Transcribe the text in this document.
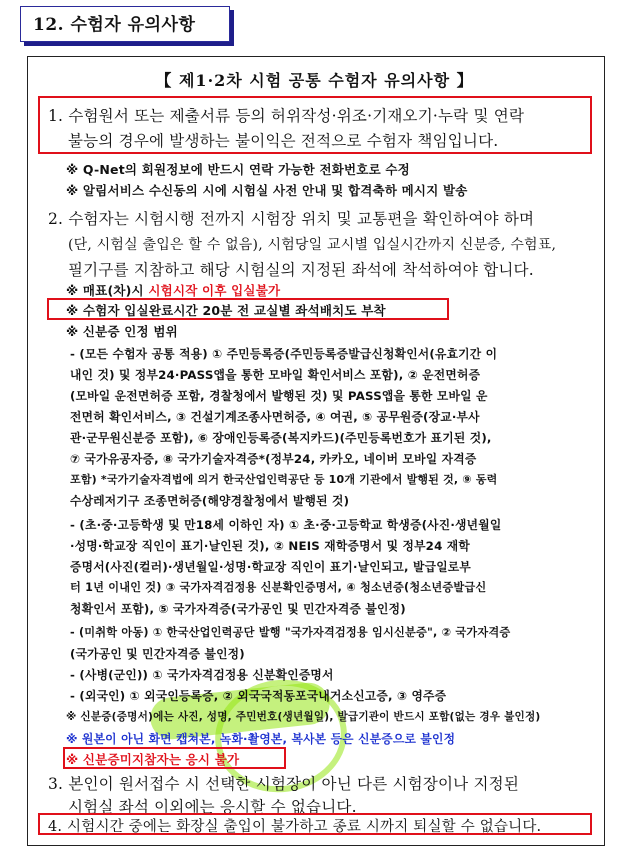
12. 수험자 유의사항
【 제1·2차 시험 공통 수험자 유의사항 】
1. 수험원서 또는 제출서류 등의 허위작성·위조·기재오기·누락 및 연락
불능의 경우에 발생하는 불이익은 전적으로 수험자 책임입니다.
※ Q-Net의 회원정보에 반드시 연락 가능한 전화번호로 수정
※ 알림서비스 수신동의 시에 시험실 사전 안내 및 합격축하 메시지 발송
2. 수험자는 시험시행 전까지 시험장 위치 및 교통편을 확인하여야 하며
(단, 시험실 출입은 할 수 없음), 시험당일 교시별 입실시간까지 신분증, 수험표,
필기구를 지참하고 해당 시험실의 지정된 좌석에 착석하여야 합니다.
※ 매표(차)시 시험시작 이후 입실불가
※ 수험자 입실완료시간 20분 전 교실별 좌석배치도 부착
※ 신분증 인정 범위
- (모든 수험자 공통 적용) ① 주민등록증(주민등록증발급신청확인서(유효기간 이
내인 것) 및 정부24·PASS앱을 통한 모바일 확인서비스 포함), ② 운전면허증
(모바일 운전면허증 포함, 경찰청에서 발행된 것) 및 PASS앱을 통한 모바일 운
전면허 확인서비스, ③ 건설기계조종사면허증, ④ 여권, ⑤ 공무원증(장교·부사
관·군무원신분증 포함), ⑥ 장애인등록증(복지카드)(주민등록번호가 표기된 것),
⑦ 국가유공자증, ⑧ 국가기술자격증*(정부24, 카카오, 네이버 모바일 자격증
포함) *국가기술자격법에 의거 한국산업인력공단 등 10개 기관에서 발행된 것, ⑨ 동력
수상레저기구 조종면허증(해양경찰청에서 발행된 것)
- (초·중·고등학생 및 만18세 이하인 자) ① 초·중·고등학교 학생증(사진·생년월일
·성명·학교장 직인이 표기·날인된 것), ② NEIS 재학증명서 및 정부24 재학
증명서(사진(컬러)·생년월일·성명·학교장 직인이 표기·날인되고, 발급일로부
터 1년 이내인 것) ③ 국가자격검정용 신분확인증명서, ④ 청소년증(청소년증발급신
청확인서 포함), ⑤ 국가자격증(국가공인 및 민간자격증 불인정)
- (미취학 아동) ① 한국산업인력공단 발행 "국가자격검정용 임시신분증", ② 국가자격증
(국가공인 및 민간자격증 불인정)
- (사병(군인)) ① 국가자격검정용 신분확인증명서
- (외국인) ① 외국인등록증, ② 외국국적동포국내거소신고증, ③ 영주증
※ 신분증(증명서)에는 사진, 성명, 주민번호(생년월일), 발급기관이 반드시 포함(없는 경우 불인정)
※ 원본이 아닌 화면 캡쳐본, 녹화·촬영본, 복사본 등은 신분증으로 불인정
※ 신분증미지참자는 응시 불가
3. 본인이 원서접수 시 선택한 시험장이 아닌 다른 시험장이나 지정된
시험실 좌석 이외에는 응시할 수 없습니다.
4. 시험시간 중에는 화장실 출입이 불가하고 종료 시까지 퇴실할 수 없습니다.
